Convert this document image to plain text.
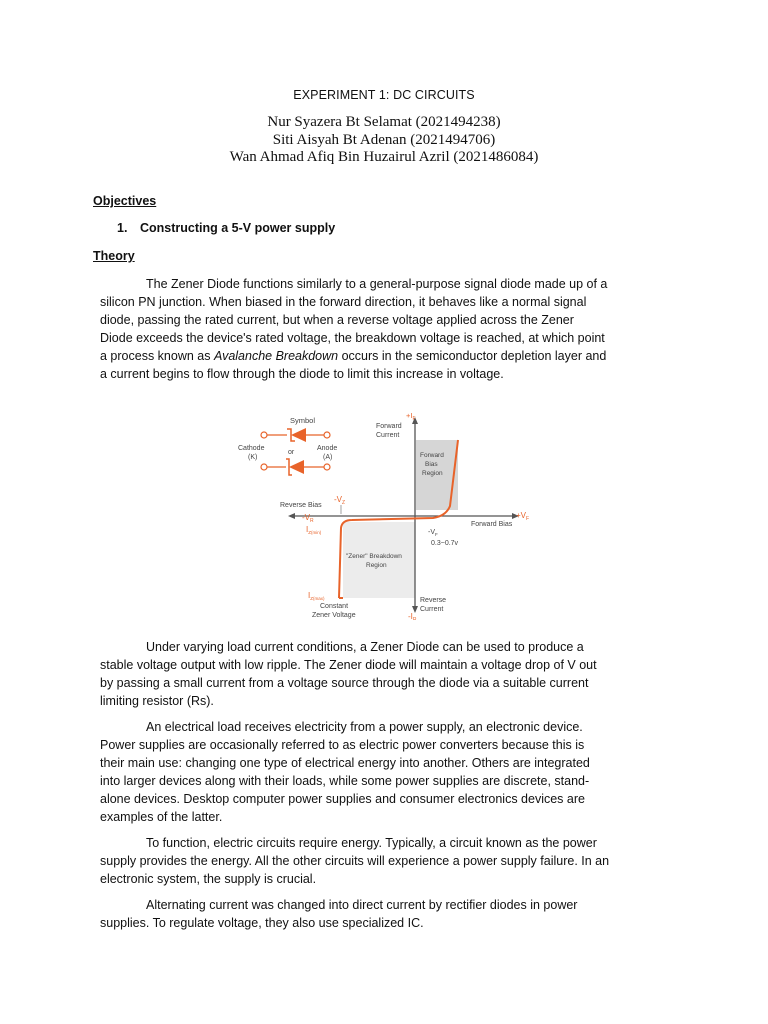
EXPERIMENT 1: DC CIRCUITS
Nur Syazera Bt Selamat (2021494238)
Siti Aisyah Bt Adenan (2021494706)
Wan Ahmad Afiq Bin Huzairul Azril (2021486084)
Objectives
1. Constructing a 5-V power supply
Theory
The Zener Diode functions similarly to a general-purpose signal diode made up of a silicon PN junction. When biased in the forward direction, it behaves like a normal signal diode, passing the rated current, but when a reverse voltage applied across the Zener Diode exceeds the device's rated voltage, the breakdown voltage is reached, at which point a process known as Avalanche Breakdown occurs in the semiconductor depletion layer and a current begins to flow through the diode to limit this increase in voltage.
Symbol
Cathode
(K)
or
Anode
(A)
Forward
Current
$+I_F$
Forward
Bias
Region
Reverse Bias
$-V_Z$
$-V_R$
$I_{Z(min)}$
$+V_F$
Forward Bias
$-V_F$
0.3~0.7v
"Zener" Breakdown
Region
$I_{Z(max)}$
Constant
Zener Voltage
Reverse
Current
$-I_R$
Under varying load current conditions, a Zener Diode can be used to produce a stable voltage output with low ripple. The Zener diode will maintain a voltage drop of V out by passing a small current from a voltage source through the diode via a suitable current limiting resistor (Rs).
An electrical load receives electricity from a power supply, an electronic device. Power supplies are occasionally referred to as electric power converters because this is their main use: changing one type of electrical energy into another. Others are integrated into larger devices along with their loads, while some power supplies are discrete, stand-alone devices. Desktop computer power supplies and consumer electronics devices are examples of the latter.
To function, electric circuits require energy. Typically, a circuit known as the power supply provides the energy. All the other circuits will experience a power supply failure. In an electronic system, the supply is crucial.
Alternating current was changed into direct current by rectifier diodes in power supplies. To regulate voltage, they also use specialized IC.
